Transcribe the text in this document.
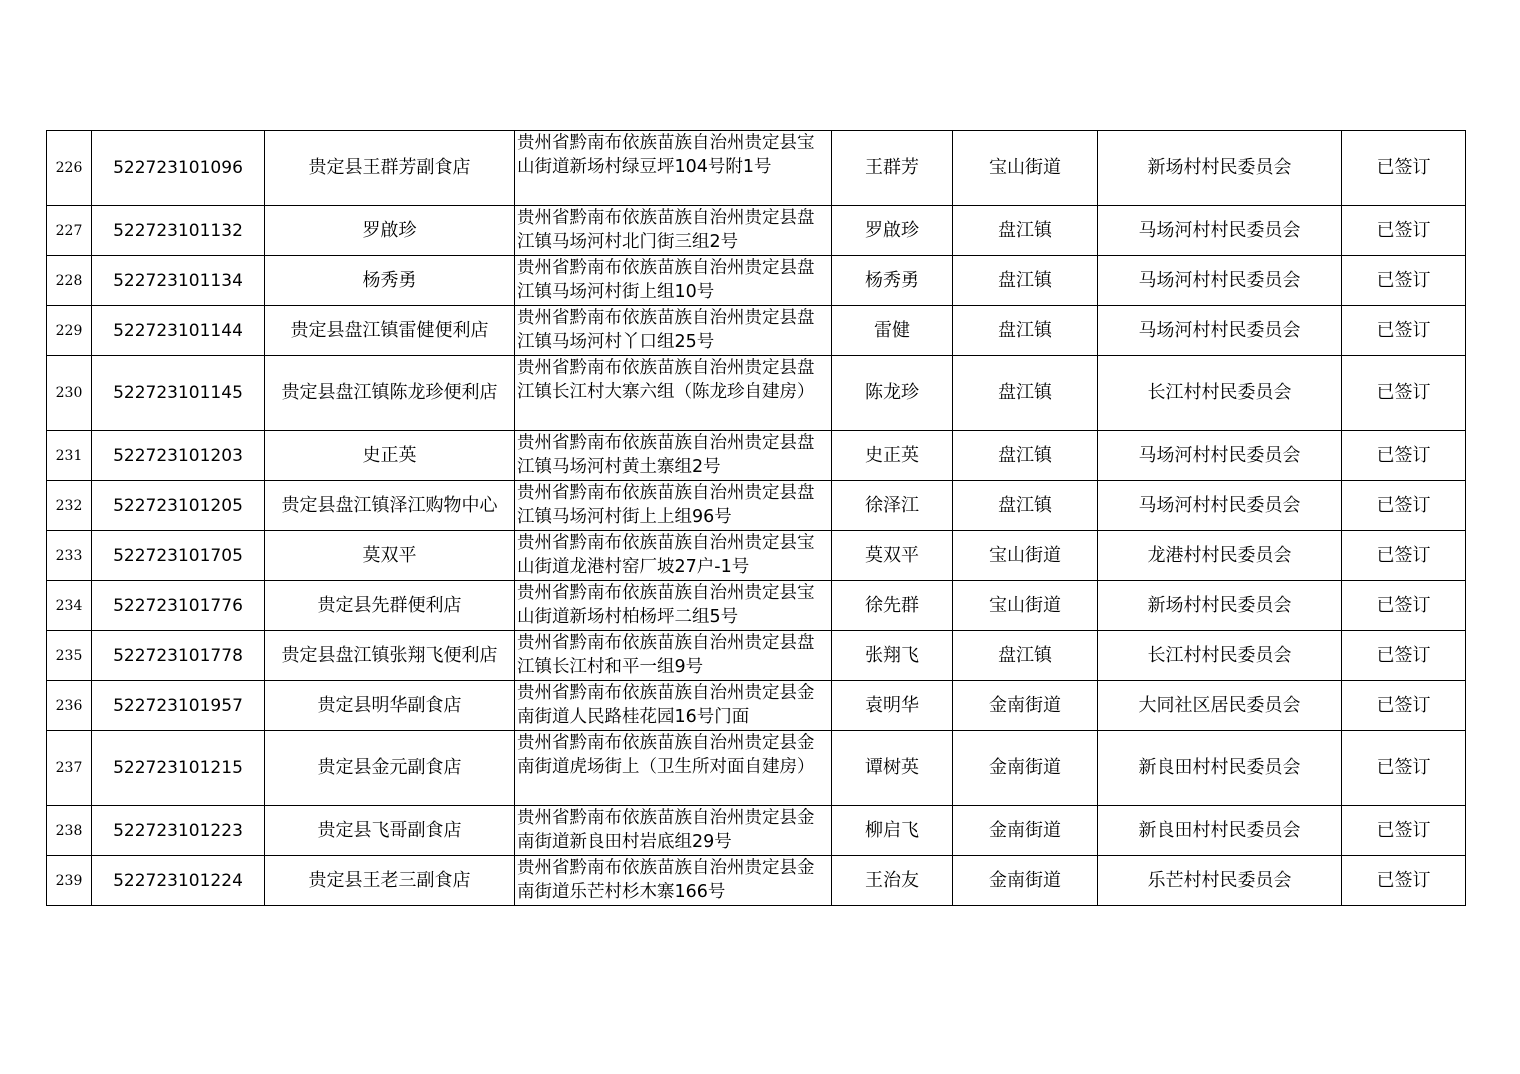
226	522723101096	贵定县王群芳副食店	贵州省黔南布依族苗族自治州贵定县宝山街道新场村绿豆坪104号附1号	王群芳	宝山街道	新场村村民委员会	已签订
227	522723101132	罗啟珍	贵州省黔南布依族苗族自治州贵定县盘江镇马场河村北门街三组2号	罗啟珍	盘江镇	马场河村村民委员会	已签订
228	522723101134	杨秀勇	贵州省黔南布依族苗族自治州贵定县盘江镇马场河村街上组10号	杨秀勇	盘江镇	马场河村村民委员会	已签订
229	522723101144	贵定县盘江镇雷健便利店	贵州省黔南布依族苗族自治州贵定县盘江镇马场河村丫口组25号	雷健	盘江镇	马场河村村民委员会	已签订
230	522723101145	贵定县盘江镇陈龙珍便利店	贵州省黔南布依族苗族自治州贵定县盘江镇长江村大寨六组（陈龙珍自建房）	陈龙珍	盘江镇	长江村村民委员会	已签订
231	522723101203	史正英	贵州省黔南布依族苗族自治州贵定县盘江镇马场河村黄土寨组2号	史正英	盘江镇	马场河村村民委员会	已签订
232	522723101205	贵定县盘江镇泽江购物中心	贵州省黔南布依族苗族自治州贵定县盘江镇马场河村街上上组96号	徐泽江	盘江镇	马场河村村民委员会	已签订
233	522723101705	莫双平	贵州省黔南布依族苗族自治州贵定县宝山街道龙港村窑厂坡27户-1号	莫双平	宝山街道	龙港村村民委员会	已签订
234	522723101776	贵定县先群便利店	贵州省黔南布依族苗族自治州贵定县宝山街道新场村柏杨坪二组5号	徐先群	宝山街道	新场村村民委员会	已签订
235	522723101778	贵定县盘江镇张翔飞便利店	贵州省黔南布依族苗族自治州贵定县盘江镇长江村和平一组9号	张翔飞	盘江镇	长江村村民委员会	已签订
236	522723101957	贵定县明华副食店	贵州省黔南布依族苗族自治州贵定县金南街道人民路桂花园16号门面	袁明华	金南街道	大同社区居民委员会	已签订
237	522723101215	贵定县金元副食店	贵州省黔南布依族苗族自治州贵定县金南街道虎场街上（卫生所对面自建房）	谭树英	金南街道	新良田村村民委员会	已签订
238	522723101223	贵定县飞哥副食店	贵州省黔南布依族苗族自治州贵定县金南街道新良田村岩底组29号	柳启飞	金南街道	新良田村村民委员会	已签订
239	522723101224	贵定县王老三副食店	贵州省黔南布依族苗族自治州贵定县金南街道乐芒村杉木寨166号	王治友	金南街道	乐芒村村民委员会	已签订
